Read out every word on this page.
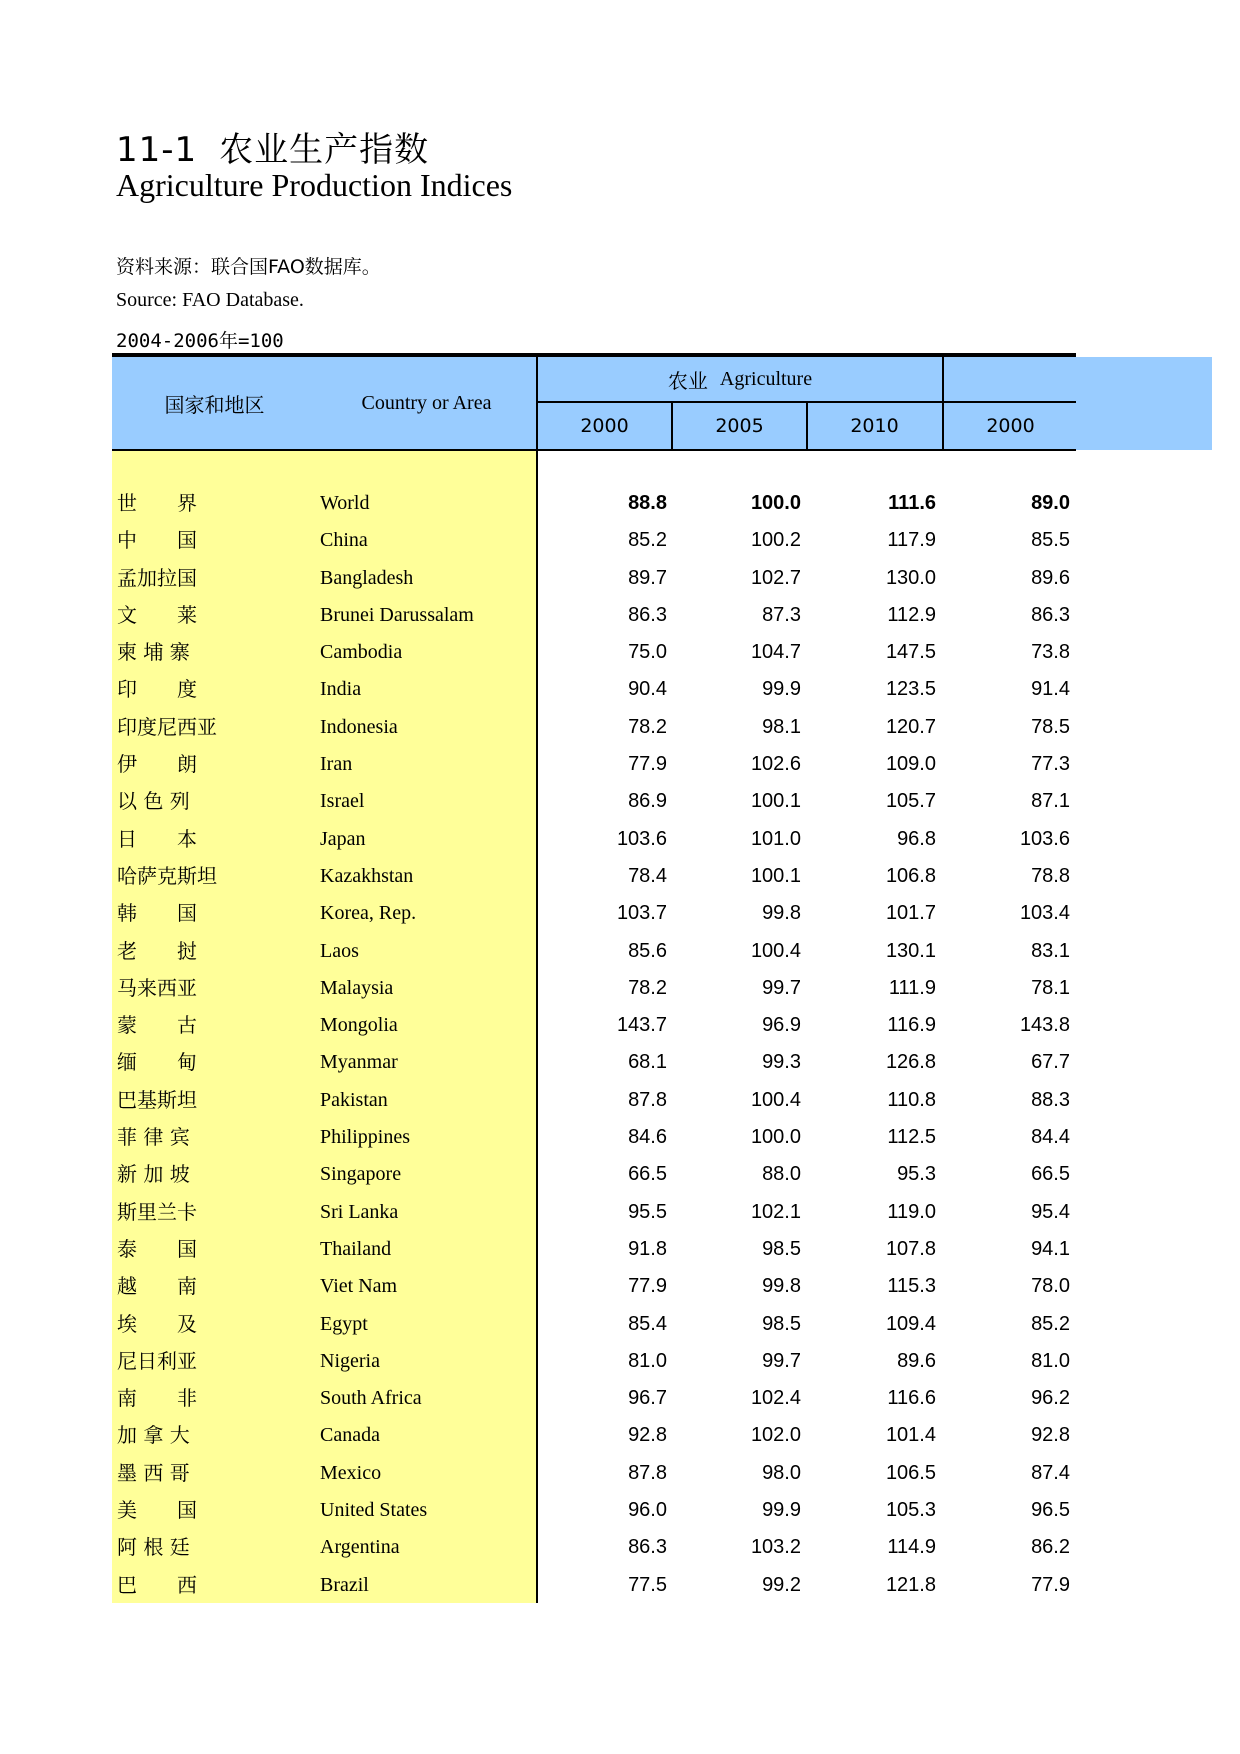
11-1 农业生产指数
Agriculture Production Indices
资料来源：联合国FAO数据库。
Source: FAO Database.
2004-2006年=100
国家和地区	Country or Area
农业 Agriculture
2000	2005	2010	2000
世　　界	World	88.8	100.0	111.6	89.0
中　　国	China	85.2	100.2	117.9	85.5
孟加拉国	Bangladesh	89.7	102.7	130.0	89.6
文　　莱	Brunei Darussalam	86.3	87.3	112.9	86.3
柬 埔 寨	Cambodia	75.0	104.7	147.5	73.8
印　　度	India	90.4	99.9	123.5	91.4
印度尼西亚	Indonesia	78.2	98.1	120.7	78.5
伊　　朗	Iran	77.9	102.6	109.0	77.3
以 色 列	Israel	86.9	100.1	105.7	87.1
日　　本	Japan	103.6	101.0	96.8	103.6
哈萨克斯坦	Kazakhstan	78.4	100.1	106.8	78.8
韩　　国	Korea, Rep.	103.7	99.8	101.7	103.4
老　　挝	Laos	85.6	100.4	130.1	83.1
马来西亚	Malaysia	78.2	99.7	111.9	78.1
蒙　　古	Mongolia	143.7	96.9	116.9	143.8
缅　　甸	Myanmar	68.1	99.3	126.8	67.7
巴基斯坦	Pakistan	87.8	100.4	110.8	88.3
菲 律 宾	Philippines	84.6	100.0	112.5	84.4
新 加 坡	Singapore	66.5	88.0	95.3	66.5
斯里兰卡	Sri Lanka	95.5	102.1	119.0	95.4
泰　　国	Thailand	91.8	98.5	107.8	94.1
越　　南	Viet Nam	77.9	99.8	115.3	78.0
埃　　及	Egypt	85.4	98.5	109.4	85.2
尼日利亚	Nigeria	81.0	99.7	89.6	81.0
南　　非	South Africa	96.7	102.4	116.6	96.2
加 拿 大	Canada	92.8	102.0	101.4	92.8
墨 西 哥	Mexico	87.8	98.0	106.5	87.4
美　　国	United States	96.0	99.9	105.3	96.5
阿 根 廷	Argentina	86.3	103.2	114.9	86.2
巴　　西	Brazil	77.5	99.2	121.8	77.9
